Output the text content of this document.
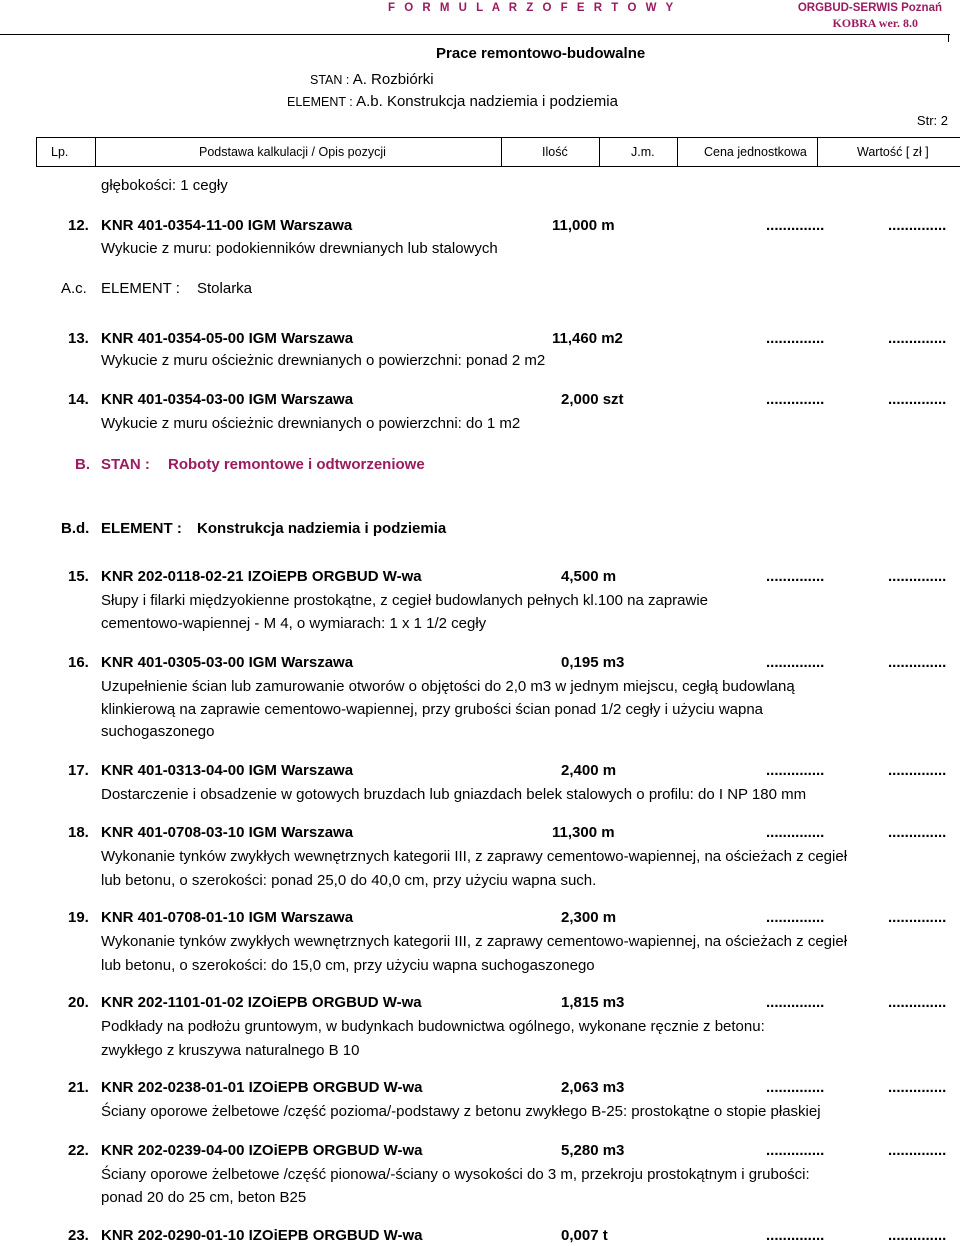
F O R M U L A R Z O F E R T O W Y	ORGBUD-SERWIS Poznań
KOBRA wer. 8.0
Prace remontowo-budowalne
STAN : A. Rozbiórki
ELEMENT : A.b. Konstrukcja nadziemia i podziemia
Str: 2
Lp.	Podstawa kalkulacji / Opis pozycji	Ilość	J.m.	Cena jednostkowa	Wartość [ zł ]
głębokości: 1 cegły
A.c. ELEMENT : Stolarka
B. STAN : Roboty remontowe i odtworzeniowe
B.d. ELEMENT : Konstrukcja nadziemia i podziemia
12. KNR 401-0354-11-00 IGM Warszawa	11,000 m	..............	..............
Wykucie z muru: podokienników drewnianych lub stalowych
13. KNR 401-0354-05-00 IGM Warszawa	11,460 m2	..............	..............
Wykucie z muru ościeżnic drewnianych o powierzchni: ponad 2 m2
14. KNR 401-0354-03-00 IGM Warszawa	2,000 szt	..............	..............
Wykucie z muru ościeżnic drewnianych o powierzchni: do 1 m2
15. KNR 202-0118-02-21 IZOiEPB ORGBUD W-wa	4,500 m	..............	..............
Słupy i filarki międzyokienne prostokątne, z cegieł budowlanych pełnych kl.100 na zaprawie
cementowo-wapiennej - M 4, o wymiarach: 1 x 1 1/2 cegły
16. KNR 401-0305-03-00 IGM Warszawa	0,195 m3	..............	..............
Uzupełnienie ścian lub zamurowanie otworów o objętości do 2,0 m3 w jednym miejscu, cegłą budowlaną
klinkierową na zaprawie cementowo-wapiennej, przy grubości ścian ponad 1/2 cegły i użyciu wapna
suchogaszonego
17. KNR 401-0313-04-00 IGM Warszawa	2,400 m	..............	..............
Dostarczenie i obsadzenie w gotowych bruzdach lub gniazdach belek stalowych o profilu: do I NP 180 mm
18. KNR 401-0708-03-10 IGM Warszawa	11,300 m	..............	..............
Wykonanie tynków zwykłych wewnętrznych kategorii III, z zaprawy cementowo-wapiennej, na ościeżach z cegieł
lub betonu, o szerokości: ponad 25,0 do 40,0 cm, przy użyciu wapna such.
19. KNR 401-0708-01-10 IGM Warszawa	2,300 m	..............	..............
Wykonanie tynków zwykłych wewnętrznych kategorii III, z zaprawy cementowo-wapiennej, na ościeżach z cegieł
lub betonu, o szerokości: do 15,0 cm, przy użyciu wapna suchogaszonego
20. KNR 202-1101-01-02 IZOiEPB ORGBUD W-wa	1,815 m3	..............	..............
Podkłady na podłożu gruntowym, w budynkach budownictwa ogólnego, wykonane ręcznie z betonu:
zwykłego z kruszywa naturalnego B 10
21. KNR 202-0238-01-01 IZOiEPB ORGBUD W-wa	2,063 m3	..............	..............
Ściany oporowe żelbetowe /część pozioma/-podstawy z betonu zwykłego B-25: prostokątne o stopie płaskiej
22. KNR 202-0239-04-00 IZOiEPB ORGBUD W-wa	5,280 m3	..............	..............
Ściany oporowe żelbetowe /część pionowa/-ściany o wysokości do 3 m, przekroju prostokątnym i grubości:
ponad 20 do 25 cm, beton B25
23. KNR 202-0290-01-10 IZOiEPB ORGBUD W-wa	0,007 t	..............	..............
